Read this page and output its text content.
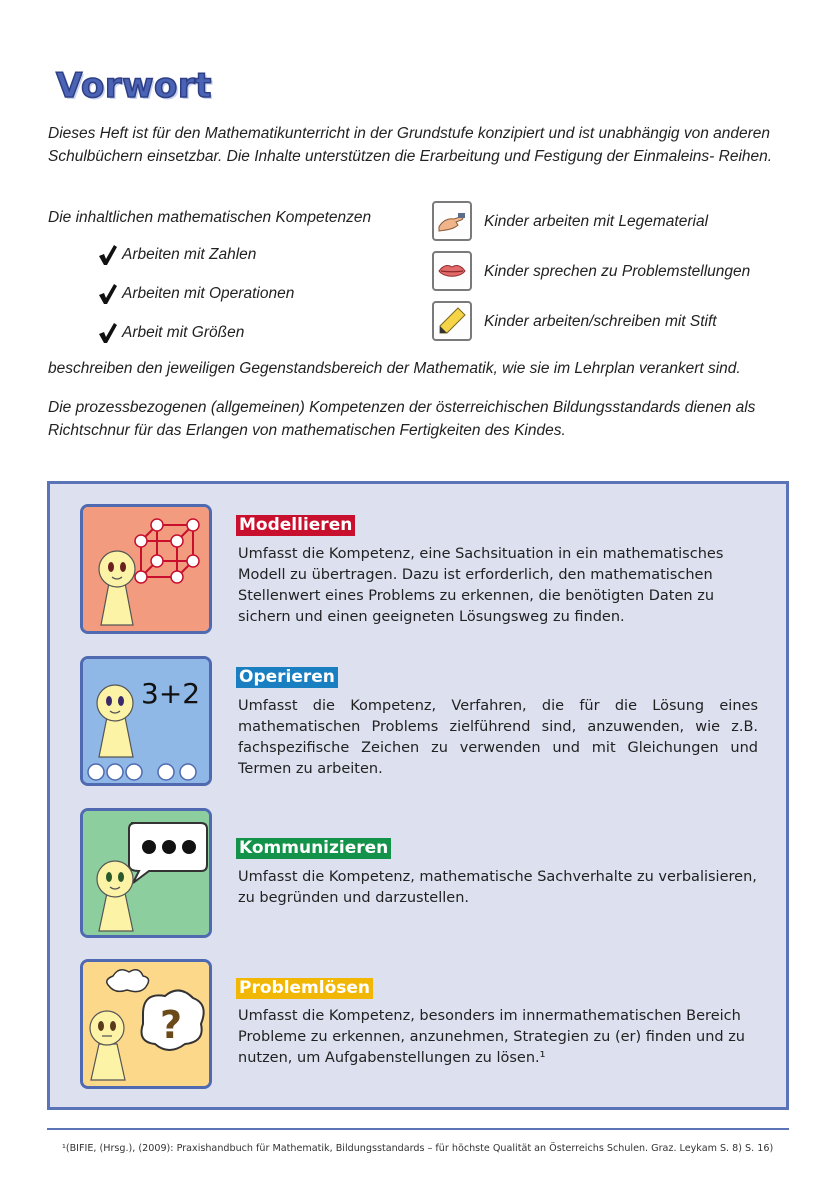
Vorwort

Dieses Heft ist für den Mathematikunterricht in der Grundstufe konzipiert und ist unabhängig von anderen Schulbüchern einsetzbar. Die Inhalte unterstützen die Erarbeitung und Festigung der Einmaleins- Reihen.

Die inhaltlichen mathematischen Kompetenzen

Arbeiten mit Zahlen
Arbeiten mit Operationen
Arbeit mit Größen
Kinder arbeiten mit Legematerial
Kinder sprechen zu Problemstellungen
Kinder arbeiten/schreiben mit Stift

beschreiben den jeweiligen Gegenstandsbereich der Mathematik, wie sie im Lehrplan verankert sind.

Die prozessbezogenen (allgemeinen) Kompetenzen der österreichischen Bildungsstandards dienen als Richtschnur für das Erlangen von mathematischen Fertigkeiten des Kindes.

Modellieren

Umfasst die Kompetenz, eine Sachsituation in ein mathematisches Modell zu übertragen. Dazu ist erforderlich, den mathematischen Stellenwert eines Problems zu erkennen, die benötigten Daten zu sichern und einen geeigneten Lösungsweg zu finden.

3+2 Operieren

Umfasst die Kompetenz, Verfahren, die für die Lösung eines mathematischen Problems zielführend sind, anzuwenden, wie z.B. fachspezifische Zeichen zu verwenden und mit Gleichungen und Termen zu arbeiten.

Kommunizieren

Umfasst die Kompetenz, mathematische Sachverhalte zu verbalisieren, zu begründen und darzustellen.

?
Problemlösen

Umfasst die Kompetenz, besonders im innermathematischen Bereich Probleme zu erkennen, anzunehmen, Strategien zu (er) finden und zu nutzen, um Aufgabenstellungen zu lösen.¹

¹(BIFIE, (Hrsg.), (2009): Praxishandbuch für Mathematik, Bildungsstandards – für höchste Qualität an Österreichs Schulen. Graz. Leykam S. 8) S. 16)
